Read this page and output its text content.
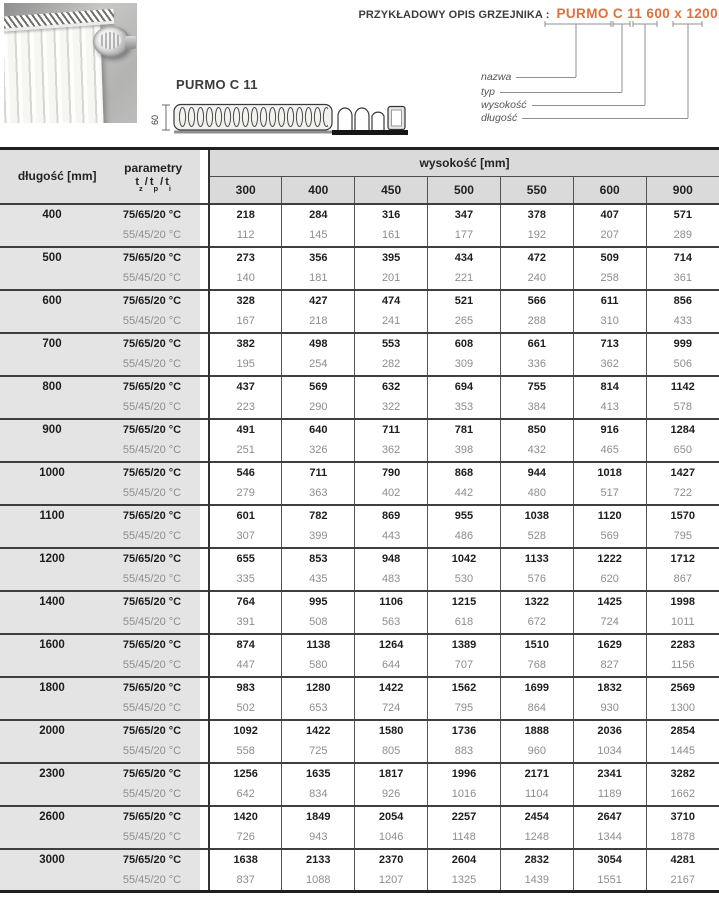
PURMO C 11
60
PRZYKŁADOWY OPIS GRZEJNIKA : PURMO C 11 600 x 1200
nazwa
typ
wysokość
długość
długość [mm]
parametry
$t_z / t_p / t_i$			wysokość [mm]						
			300	400	450	500	550	600	900
400	75/65/20 °C		218	284	316	347	378	407	571
	55/45/20 °C		112	145	161	177	192	207	289
500	75/65/20 °C		273	356	395	434	472	509	714
	55/45/20 °C		140	181	201	221	240	258	361
600	75/65/20 °C		328	427	474	521	566	611	856
	55/45/20 °C		167	218	241	265	288	310	433
700	75/65/20 °C		382	498	553	608	661	713	999
	55/45/20 °C		195	254	282	309	336	362	506
800	75/65/20 °C		437	569	632	694	755	814	1142
	55/45/20 °C		223	290	322	353	384	413	578
900	75/65/20 °C		491	640	711	781	850	916	1284
	55/45/20 °C		251	326	362	398	432	465	650
1000	75/65/20 °C		546	711	790	868	944	1018	1427
	55/45/20 °C		279	363	402	442	480	517	722
1100	75/65/20 °C		601	782	869	955	1038	1120	1570
	55/45/20 °C		307	399	443	486	528	569	795
1200	75/65/20 °C		655	853	948	1042	1133	1222	1712
	55/45/20 °C		335	435	483	530	576	620	867
1400	75/65/20 °C		764	995	1106	1215	1322	1425	1998
	55/45/20 °C		391	508	563	618	672	724	1011
1600	75/65/20 °C		874	1138	1264	1389	1510	1629	2283
	55/45/20 °C		447	580	644	707	768	827	1156
1800	75/65/20 °C		983	1280	1422	1562	1699	1832	2569
	55/45/20 °C		502	653	724	795	864	930	1300
2000	75/65/20 °C		1092	1422	1580	1736	1888	2036	2854
	55/45/20 °C		558	725	805	883	960	1034	1445
2300	75/65/20 °C		1256	1635	1817	1996	2171	2341	3282
	55/45/20 °C		642	834	926	1016	1104	1189	1662
2600	75/65/20 °C		1420	1849	2054	2257	2454	2647	3710
	55/45/20 °C		726	943	1046	1148	1248	1344	1878
3000	75/65/20 °C		1638	2133	2370	2604	2832	3054	4281
	55/45/20 °C		837	1088	1207	1325	1439	1551	2167
